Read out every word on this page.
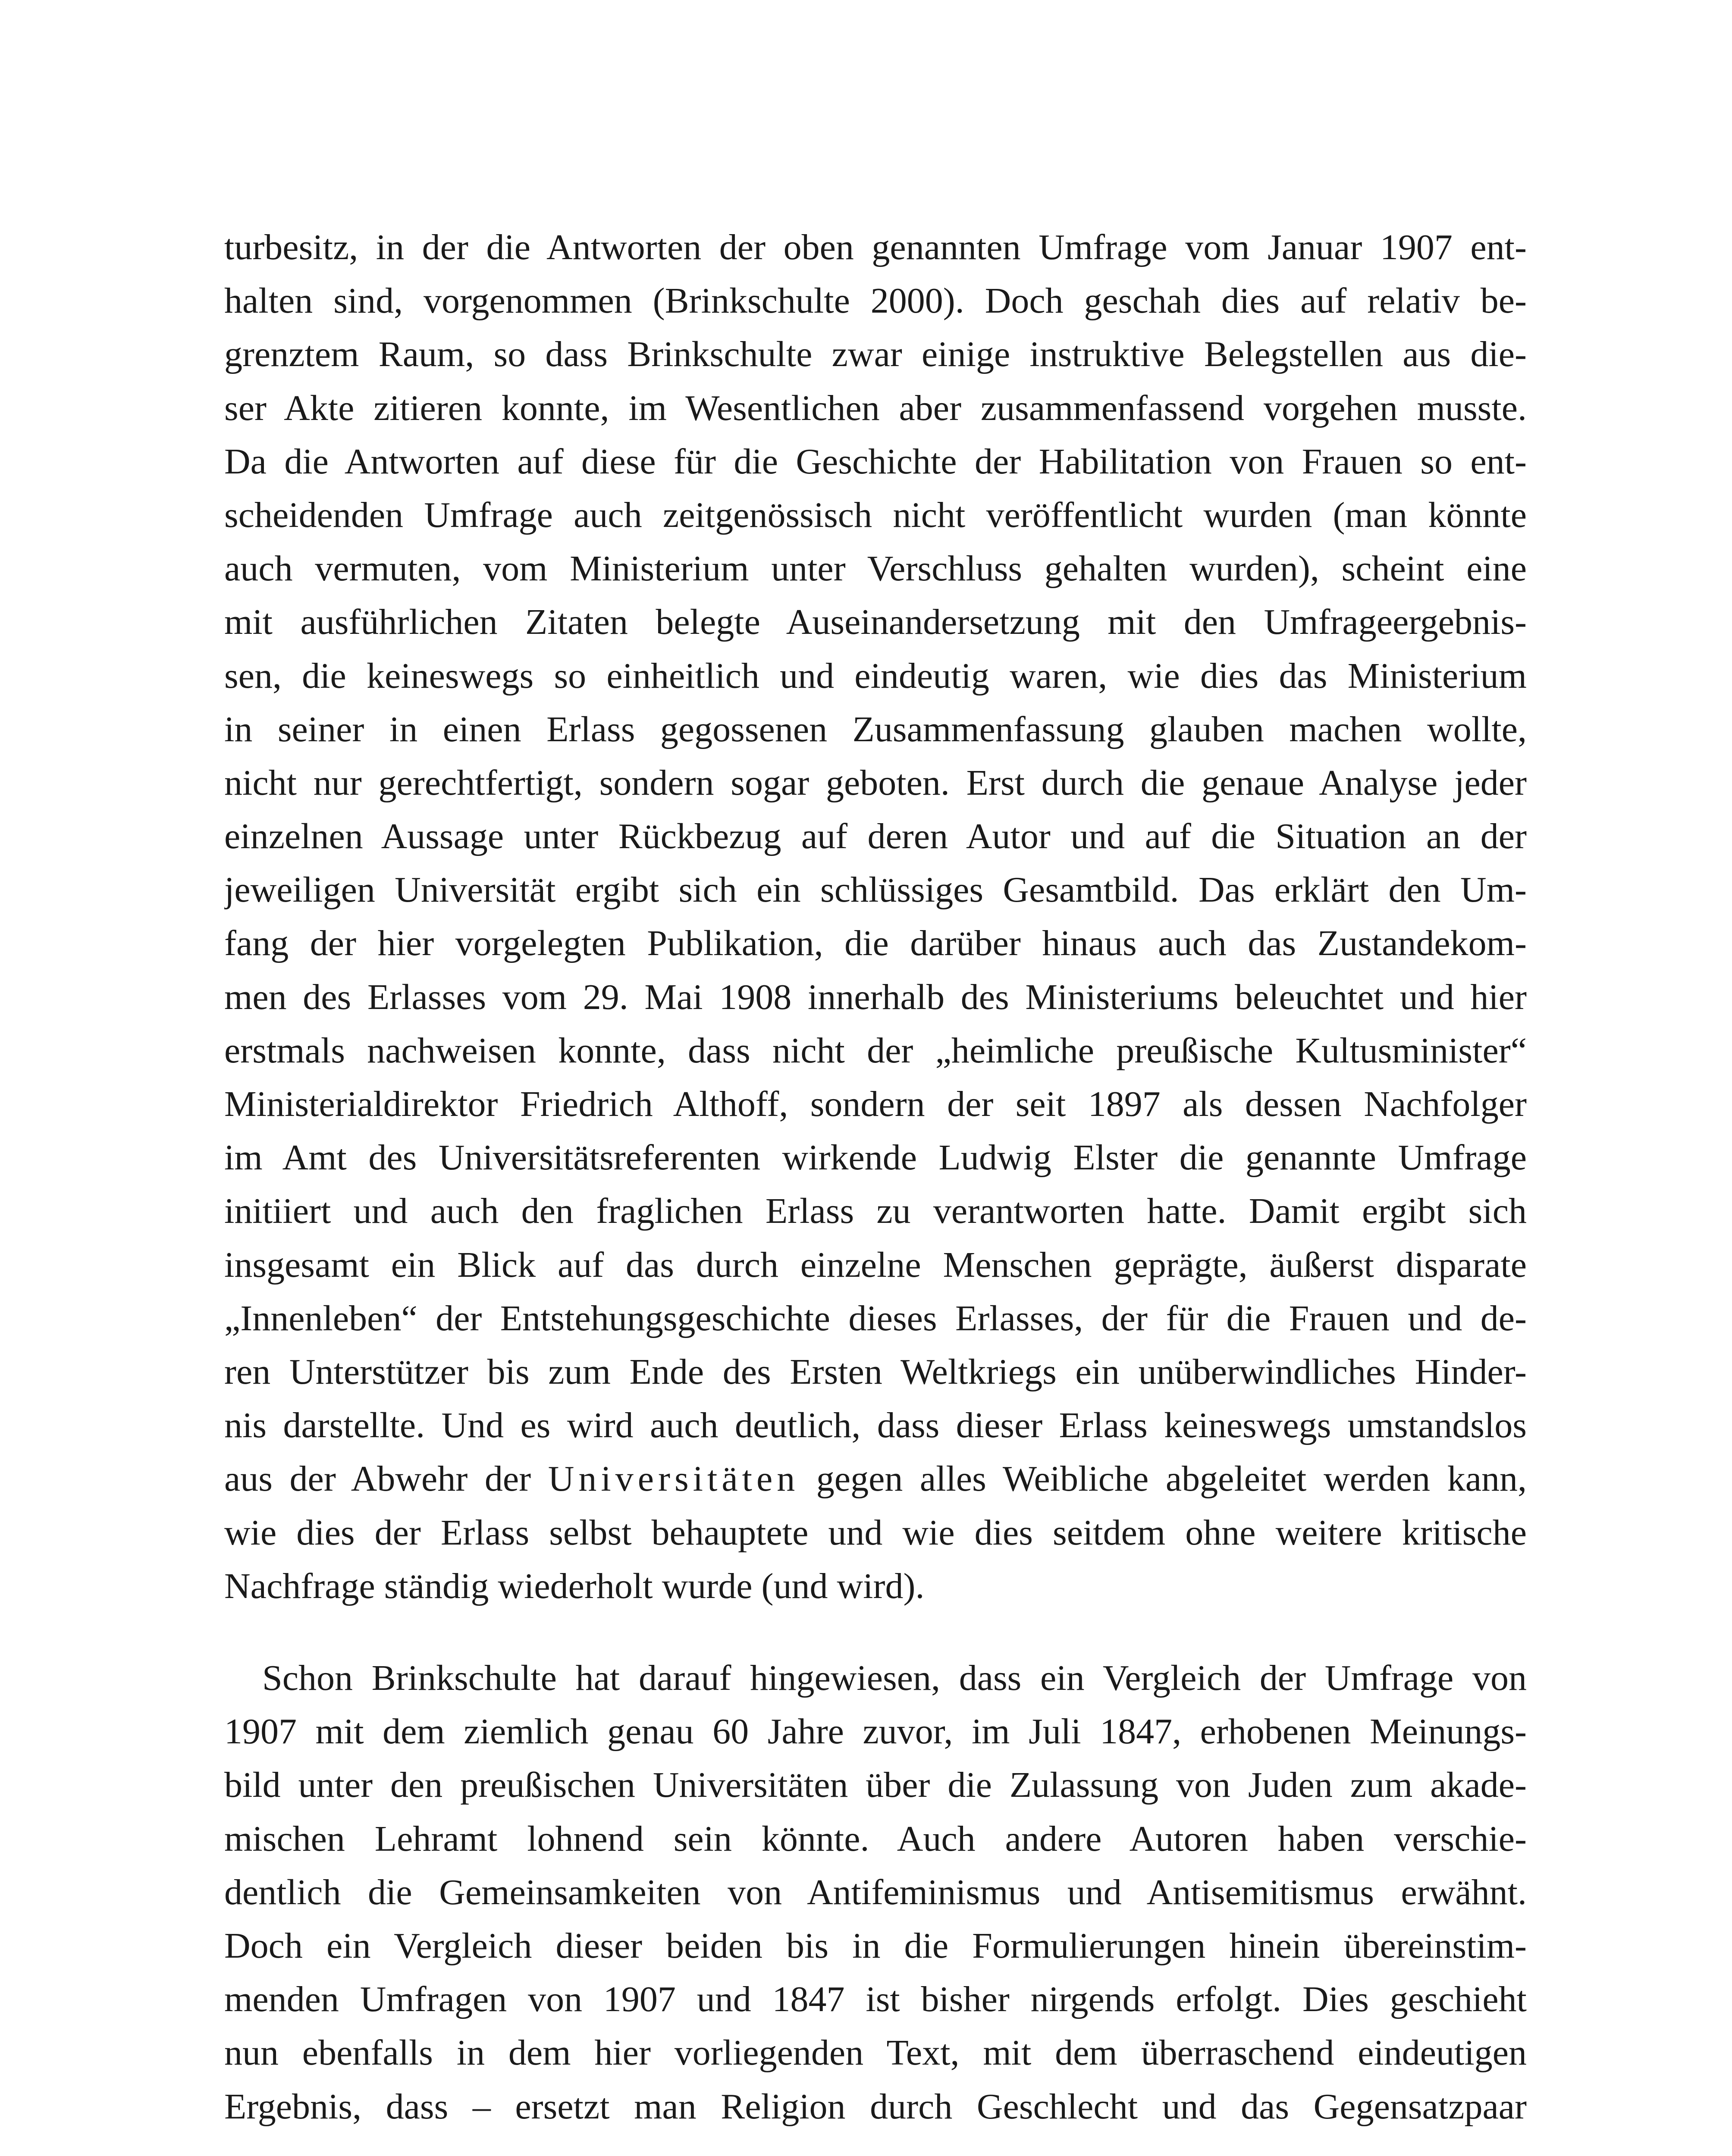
turbesitz, in der die Antworten der oben genannten Umfrage vom Januar 1907 ent-
halten sind, vorgenommen (Brinkschulte 2000). Doch geschah dies auf relativ be-
grenztem Raum, so dass Brinkschulte zwar einige instruktive Belegstellen aus die-
ser Akte zitieren konnte, im Wesentlichen aber zusammenfassend vorgehen musste.
Da die Antworten auf diese für die Geschichte der Habilitation von Frauen so ent-
scheidenden Umfrage auch zeitgenössisch nicht veröffentlicht wurden (man könnte
auch vermuten, vom Ministerium unter Verschluss gehalten wurden), scheint eine
mit ausführlichen Zitaten belegte Auseinandersetzung mit den Umfrageergebnis-
sen, die keineswegs so einheitlich und eindeutig waren, wie dies das Ministerium
in seiner in einen Erlass gegossenen Zusammenfassung glauben machen wollte,
nicht nur gerechtfertigt, sondern sogar geboten. Erst durch die genaue Analyse jeder
einzelnen Aussage unter Rückbezug auf deren Autor und auf die Situation an der
jeweiligen Universität ergibt sich ein schlüssiges Gesamtbild. Das erklärt den Um-
fang der hier vorgelegten Publikation, die darüber hinaus auch das Zustandekom-
men des Erlasses vom 29. Mai 1908 innerhalb des Ministeriums beleuchtet und hier
erstmals nachweisen konnte, dass nicht der „heimliche preußische Kultusminister“
Ministerialdirektor Friedrich Althoff, sondern der seit 1897 als dessen Nachfolger
im Amt des Universitätsreferenten wirkende Ludwig Elster die genannte Umfrage
initiiert und auch den fraglichen Erlass zu verantworten hatte. Damit ergibt sich
insgesamt ein Blick auf das durch einzelne Menschen geprägte, äußerst disparate
„Innenleben“ der Entstehungsgeschichte dieses Erlasses, der für die Frauen und de-
ren Unterstützer bis zum Ende des Ersten Weltkriegs ein unüberwindliches Hinder-
nis darstellte. Und es wird auch deutlich, dass dieser Erlass keineswegs umstandslos
aus der Abwehr der Universitäten gegen alles Weibliche abgeleitet werden kann,
wie dies der Erlass selbst behauptete und wie dies seitdem ohne weitere kritische
Nachfrage ständig wiederholt wurde (und wird).
Schon Brinkschulte hat darauf hingewiesen, dass ein Vergleich der Umfrage von
1907 mit dem ziemlich genau 60 Jahre zuvor, im Juli 1847, erhobenen Meinungs-
bild unter den preußischen Universitäten über die Zulassung von Juden zum akade-
mischen Lehramt lohnend sein könnte. Auch andere Autoren haben verschie-
dentlich die Gemeinsamkeiten von Antifeminismus und Antisemitismus erwähnt.
Doch ein Vergleich dieser beiden bis in die Formulierungen hinein übereinstim-
menden Umfragen von 1907 und 1847 ist bisher nirgends erfolgt. Dies geschieht
nun ebenfalls in dem hier vorliegenden Text, mit dem überraschend eindeutigen
Ergebnis, dass – ersetzt man Religion durch Geschlecht und das Gegensatzpaar
